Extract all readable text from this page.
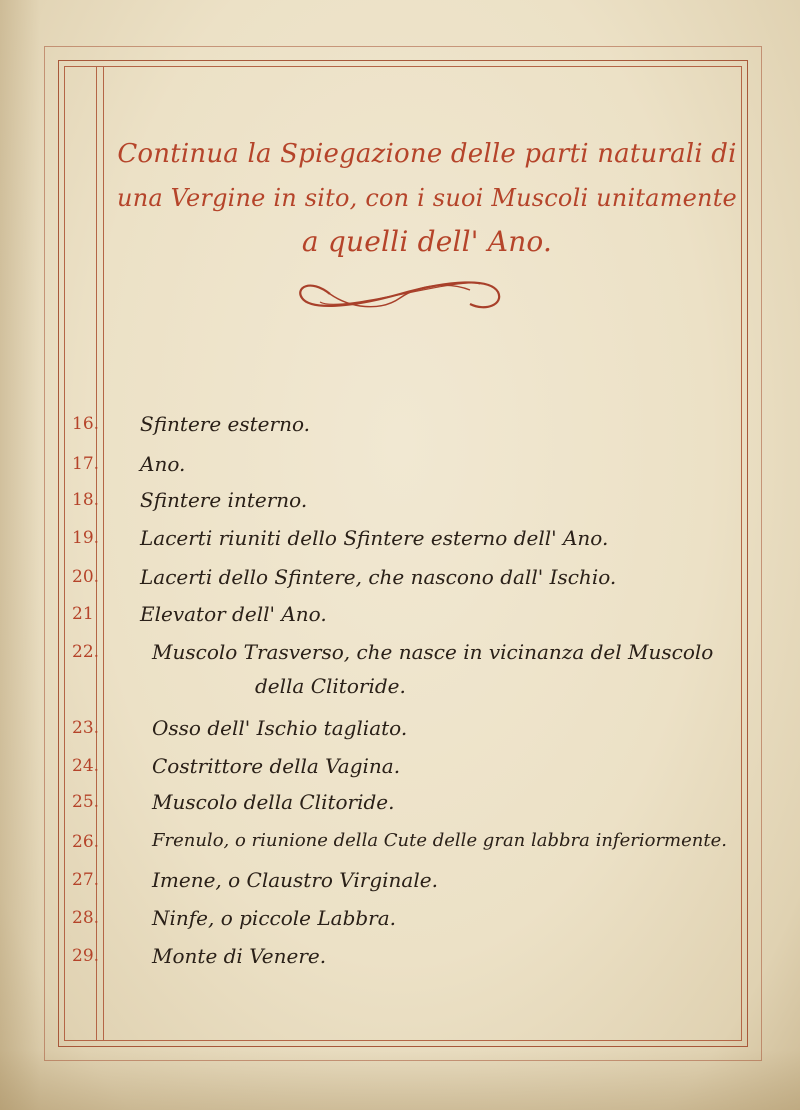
Continua la Spiegazione delle parti naturali di
una Vergine in sito, con i suoi Muscoli unitamente
a quelli dell' Ano.
16.	Sfintere esterno.
17.	Ano.
18.	Sfintere interno.
19.	Lacerti riuniti dello Sfintere esterno dell' Ano.
20.	Lacerti dello Sfintere, che nascono dall' Ischio.
21	Elevator dell' Ano.
22.	Muscolo Trasverso, che nasce in vicinanza del Muscolo
della Clitoride.
23.	Osso dell' Ischio tagliato.
24.	Costrittore della Vagina.
25.	Muscolo della Clitoride.
26.	Frenulo, o riunione della Cute delle gran labbra inferiormente.
27.	Imene, o Claustro Virginale.
28.	Ninfe, o piccole Labbra.
29.	Monte di Venere.
